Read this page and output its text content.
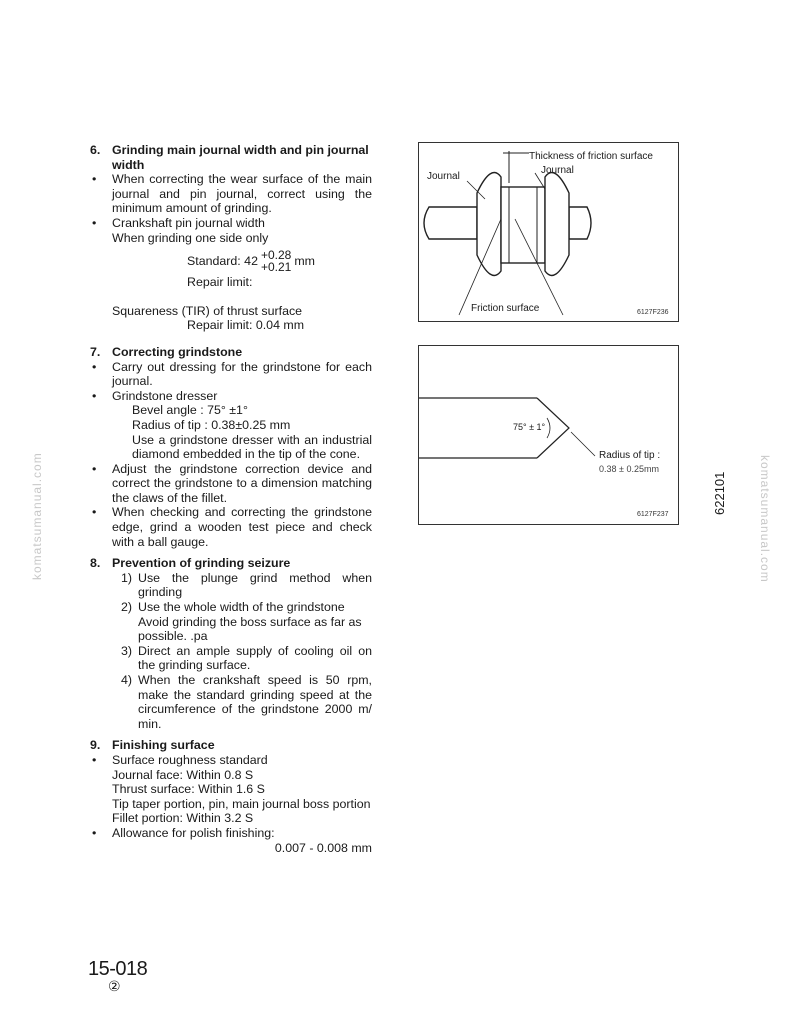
komatsumanual.com	komatsumanual.com
6. Grinding main journal width and pin journal
width
•	When correcting the wear surface of the main journal and pin journal, correct using the minimum amount of grinding.
•	Crankshaft pin journal width
When grinding one side only
Standard: 42 +0.28
+0.21 mm
Repair limit:
Squareness (TIR) of thrust surface
Repair limit: 0.04 mm
7. Correcting grindstone
•	Carry out dressing for the grindstone for each journal.
•	Grindstone dresser
Bevel angle : 75° ±1°
Radius of tip : 0.38±0.25 mm
Use a grindstone dresser with an industrial diamond embedded in the tip of the cone.
•	Adjust the grindstone correction device and correct the grindstone to a dimension matching the claws of the fillet.
•	When checking and correcting the grindstone edge, grind a wooden test piece and check with a ball gauge.
8. Prevention of grinding seizure
1) Use the plunge grind method when grinding
2) Use the whole width of the grindstone
Avoid grinding the boss surface as far as possible. .pa
3) Direct an ample supply of cooling oil on the grinding surface.
4) When the crankshaft speed is 50 rpm, make the standard grinding speed at the circumference of the grindstone 2000 m/ min.
9. Finishing surface
•	Surface roughness standard
Journal face: Within 0.8 S
Thrust surface: Within 1.6 S
Tip taper portion, pin, main journal boss portion
Fillet portion: Within 3.2 S
•	Allowance for polish finishing:
0.007 - 0.008 mm
Thickness of friction surface
Journal
Journal
Friction surface	6127F236
75° ± 1°
Radius of tip :
0.38 ± 0.25mm
6127F237	622101
15-018
②
